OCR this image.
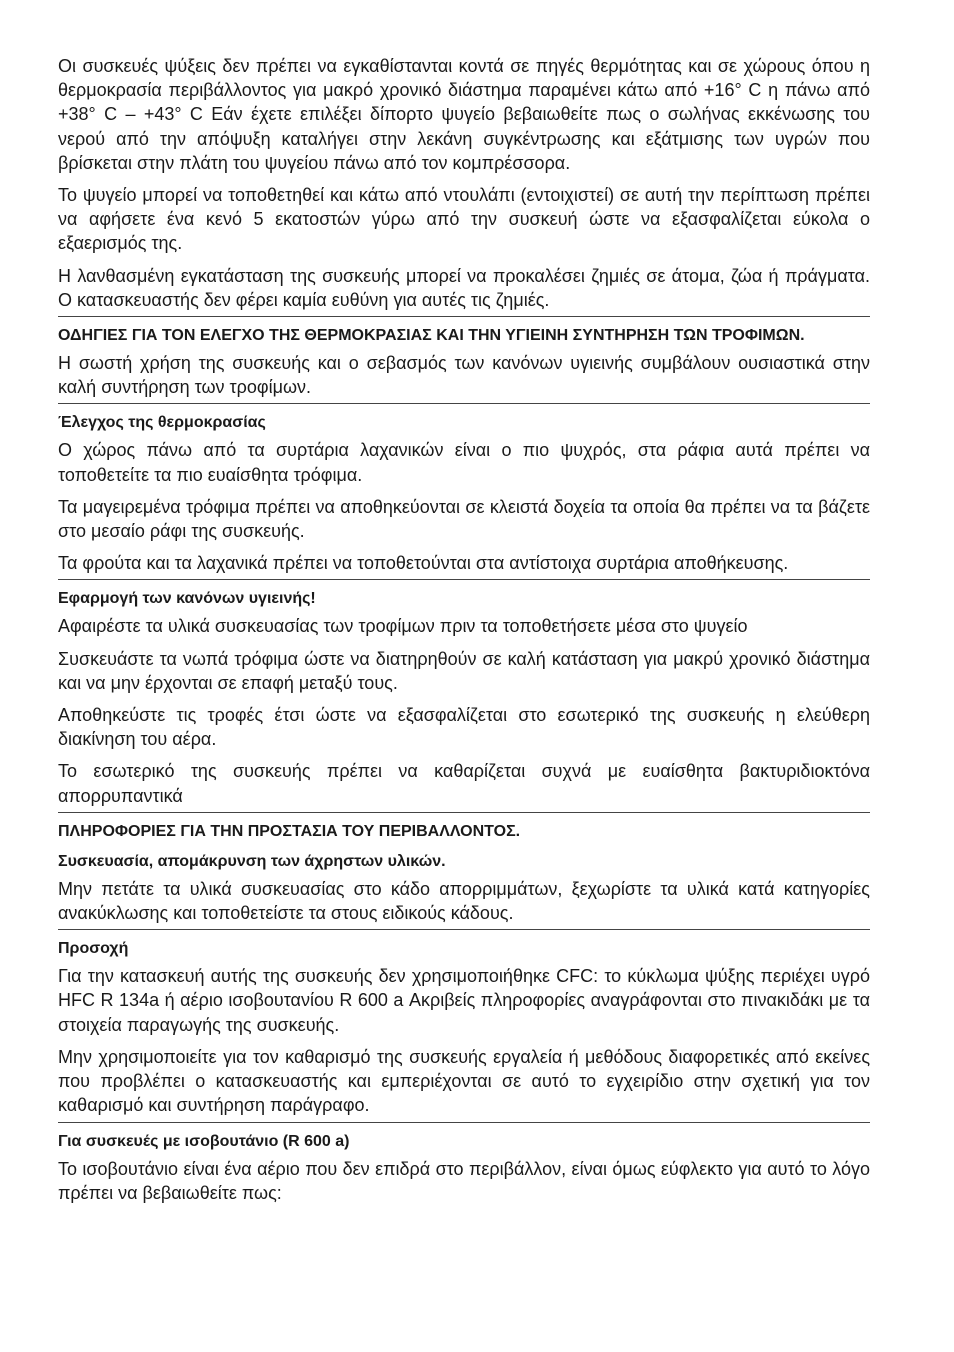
Οι συσκευές ψύξεις δεν πρέπει να εγκαθίστανται κοντά σε πηγές θερμότητας και σε χώρους όπου η θερμοκρασία περιβάλλοντος για μακρό χρονικό διάστημα παραμένει κάτω από +16° C η πάνω από +38° C – +43° C Εάν έχετε επιλέξει δίπορτο ψυγείο βεβαιωθείτε πως ο σωλήνας εκκένωσης του νερού από την απόψυξη καταλήγει στην λεκάνη συγκέντρωσης και εξάτμισης των υγρών που βρίσκεται στην πλάτη του ψυγείου πάνω από τον κομπρέσσορα.

Το ψυγείο μπορεί να τοποθετηθεί και κάτω από ντουλάπι (εντοιχιστεί) σε αυτή την περίπτωση πρέπει να αφήσετε ένα κενό 5 εκατοστών γύρω από την συσκευή ώστε να εξασφαλίζεται εύκολα ο εξαερισμός της.

Η λανθασμένη εγκατάσταση της συσκευής μπορεί να προκαλέσει ζημιές σε άτομα, ζώα ή πράγματα. Ο κατασκευαστής δεν φέρει καμία ευθύνη για αυτές τις ζημιές.

ΟΔΗΓΙΕΣ ΓΙΑ ΤΟΝ ΕΛΕΓΧΟ ΤΗΣ ΘΕΡΜΟΚΡΑΣΙΑΣ ΚΑΙ ΤΗΝ ΥΓΙΕΙΝΗ ΣΥΝΤΗΡΗΣΗ ΤΩΝ ΤΡΟΦΙΜΩΝ.

Η σωστή χρήση της συσκευής και ο σεβασμός των κανόνων υγιεινής συμβάλουν ουσιαστικά στην καλή συντήρηση των τροφίμων.

Έλεγχος της θερμοκρασίας

Ο χώρος πάνω από τα συρτάρια λαχανικών είναι ο πιο ψυχρός, στα ράφια αυτά πρέπει να τοποθετείτε τα πιο ευαίσθητα τρόφιμα.

Τα μαγειρεμένα τρόφιμα πρέπει να αποθηκεύονται σε κλειστά δοχεία τα οποία θα πρέπει να τα βάζετε στο μεσαίο ράφι της συσκευής.

Τα φρούτα και τα λαχανικά πρέπει να τοποθετούνται στα αντίστοιχα συρτάρια αποθήκευσης.

Εφαρμογή των κανόνων υγιεινής!

Αφαιρέστε τα υλικά συσκευασίας των τροφίμων πριν τα τοποθετήσετε μέσα στο ψυγείο

Συσκευάστε τα νωπά τρόφιμα ώστε να διατηρηθούν σε καλή κατάσταση για μακρύ χρονικό διάστημα και να μην έρχονται σε επαφή μεταξύ τους.

Αποθηκεύστε τις τροφές έτσι ώστε να εξασφαλίζεται στο εσωτερικό της συσκευής η ελεύθερη διακίνηση του αέρα.

Το εσωτερικό της συσκευής πρέπει να καθαρίζεται συχνά με ευαίσθητα βακτυριδιοκτόνα απορρυπαντικά

ΠΛΗΡΟΦΟΡΙΕΣ ΓΙΑ ΤΗΝ ΠΡΟΣΤΑΣΙΑ ΤΟΥ ΠΕΡΙΒΑΛΛΟΝΤΟΣ.
Συσκευασία, απομάκρυνση των άχρηστων υλικών.

Μην πετάτε τα υλικά συσκευασίας στο κάδο απορριμμάτων, ξεχωρίστε τα υλικά κατά κατηγορίες ανακύκλωσης και τοποθετείστε τα στους ειδικούς κάδους.

Προσοχή

Για την κατασκευή αυτής της συσκευής δεν χρησιμοποιήθηκε CFC: το κύκλωμα ψύξης περιέχει υγρό HFC R 134a ή αέριο ισοβουτανίου R 600 a Ακριβείς πληροφορίες αναγράφονται στο πινακιδάκι με τα στοιχεία παραγωγής της συσκευής.

Μην χρησιμοποιείτε για τον καθαρισμό της συσκευής εργαλεία ή μεθόδους διαφορετικές από εκείνες που προβλέπει ο κατασκευαστής και εμπεριέχονται σε αυτό το εγχειρίδιο στην σχετική για τον καθαρισμό και συντήρηση παράγραφο.

Για συσκευές με ισοβουτάνιο (R 600 a)

Το ισοβουτάνιο είναι ένα αέριο που δεν επιδρά στο περιβάλλον, είναι όμως εύφλεκτο για αυτό το λόγο πρέπει να βεβαιωθείτε πως:
